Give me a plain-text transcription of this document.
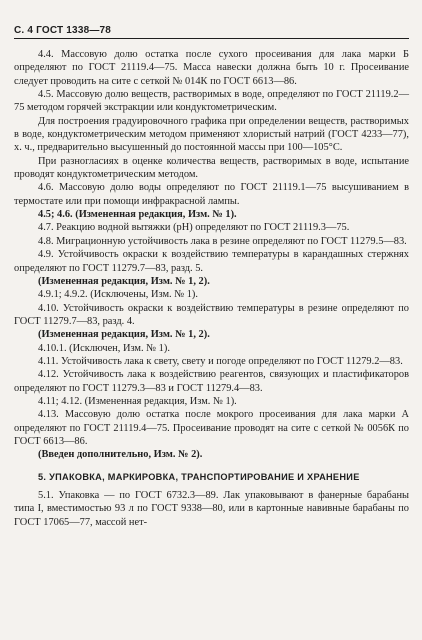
С. 4 ГОСТ 1338—78

4.4. Массовую долю остатка после сухого просеивания для лака марки Б определяют по ГОСТ 21119.4—75. Масса навески должна быть 10 г. Просеивание следует проводить на сите с сеткой № 014К по ГОСТ 6613—86.

4.5. Массовую долю веществ, растворимых в воде, определяют по ГОСТ 21119.2—75 методом горячей экстракции или кондуктометрическим.

Для построения градуировочного графика при определении веществ, растворимых в воде, кондуктометрическим методом применяют хлористый натрий (ГОСТ 4233—77), х. ч., предварительно высушенный до постоянной массы при 100—105°С.

При разногласиях в оценке количества веществ, растворимых в воде, испытание проводят кондуктометрическим методом.

4.6. Массовую долю воды определяют по ГОСТ 21119.1—75 высушиванием в термостате или при помощи инфракрасной лампы.

4.5; 4.6. (Измененная редакция, Изм. № 1).

4.7. Реакцию водной вытяжки (pH) определяют по ГОСТ 21119.3—75.

4.8. Миграционную устойчивость лака в резине определяют по ГОСТ 11279.5—83.

4.9. Устойчивость окраски к воздействию температуры в карандашных стержнях определяют по ГОСТ 11279.7—83, разд. 5.

(Измененная редакция, Изм. № 1, 2).

4.9.1; 4.9.2. (Исключены, Изм. № 1).

4.10. Устойчивость окраски к воздействию температуры в резине определяют по ГОСТ 11279.7—83, разд. 4.

(Измененная редакция, Изм. № 1, 2).

4.10.1. (Исключен, Изм. № 1).

4.11. Устойчивость лака к свету, свету и погоде определяют по ГОСТ 11279.2—83.

4.12. Устойчивость лака к воздействию реагентов, связующих и пластификаторов определяют по ГОСТ 11279.3—83 и ГОСТ 11279.4—83.

4.11; 4.12. (Измененная редакция, Изм. № 1).

4.13. Массовую долю остатка после мокрого просеивания для лака марки А определяют по ГОСТ 21119.4—75. Просеивание проводят на сите с сеткой № 0056К по ГОСТ 6613—86.

(Введен дополнительно, Изм. № 2).

5. УПАКОВКА, МАРКИРОВКА, ТРАНСПОРТИРОВАНИЕ И ХРАНЕНИЕ

5.1. Упаковка — по ГОСТ 6732.3—89. Лак упаковывают в фанерные барабаны типа I, вместимостью 93 л по ГОСТ 9338—80, или в картонные навивные барабаны по ГОСТ 17065—77, массой нет-
